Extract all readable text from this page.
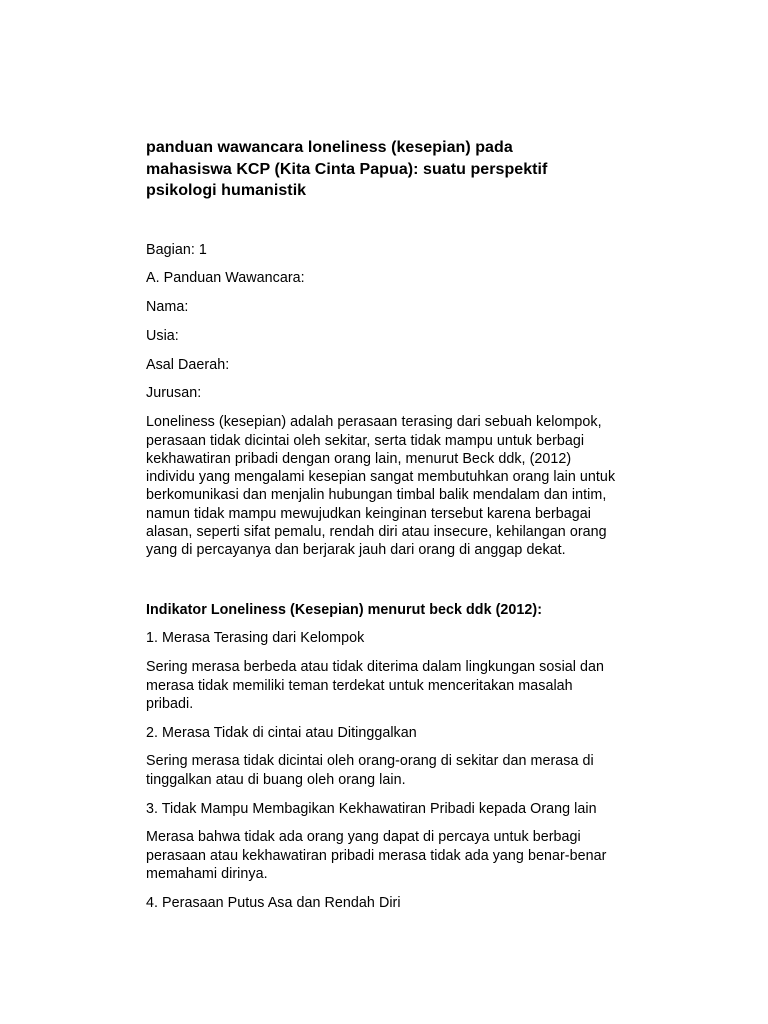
panduan wawancara loneliness (kesepian) pada
mahasiswa KCP (Kita Cinta Papua): suatu perspektif
psikologi humanistik

Bagian: 1

A. Panduan Wawancara:

Nama:

Usia:

Asal Daerah:

Jurusan:

Loneliness (kesepian) adalah perasaan terasing dari sebuah kelompok,
perasaan tidak dicintai oleh sekitar, serta tidak mampu untuk berbagi
kekhawatiran pribadi dengan orang lain, menurut Beck ddk, (2012)
individu yang mengalami kesepian sangat membutuhkan orang lain untuk
berkomunikasi dan menjalin hubungan timbal balik mendalam dan intim,
namun tidak mampu mewujudkan keinginan tersebut karena berbagai
alasan, seperti sifat pemalu, rendah diri atau insecure, kehilangan orang
yang di percayanya dan berjarak jauh dari orang di anggap dekat.

Indikator Loneliness (Kesepian) menurut beck ddk (2012):

1. Merasa Terasing dari Kelompok

Sering merasa berbeda atau tidak diterima dalam lingkungan sosial dan
merasa tidak memiliki teman terdekat untuk menceritakan masalah
pribadi.

2. Merasa Tidak di cintai atau Ditinggalkan

Sering merasa tidak dicintai oleh orang-orang di sekitar dan merasa di
tinggalkan atau di buang oleh orang lain.

3. Tidak Mampu Membagikan Kekhawatiran Pribadi kepada Orang lain

Merasa bahwa tidak ada orang yang dapat di percaya untuk berbagi
perasaan atau kekhawatiran pribadi merasa tidak ada yang benar-benar
memahami dirinya.

4. Perasaan Putus Asa dan Rendah Diri
